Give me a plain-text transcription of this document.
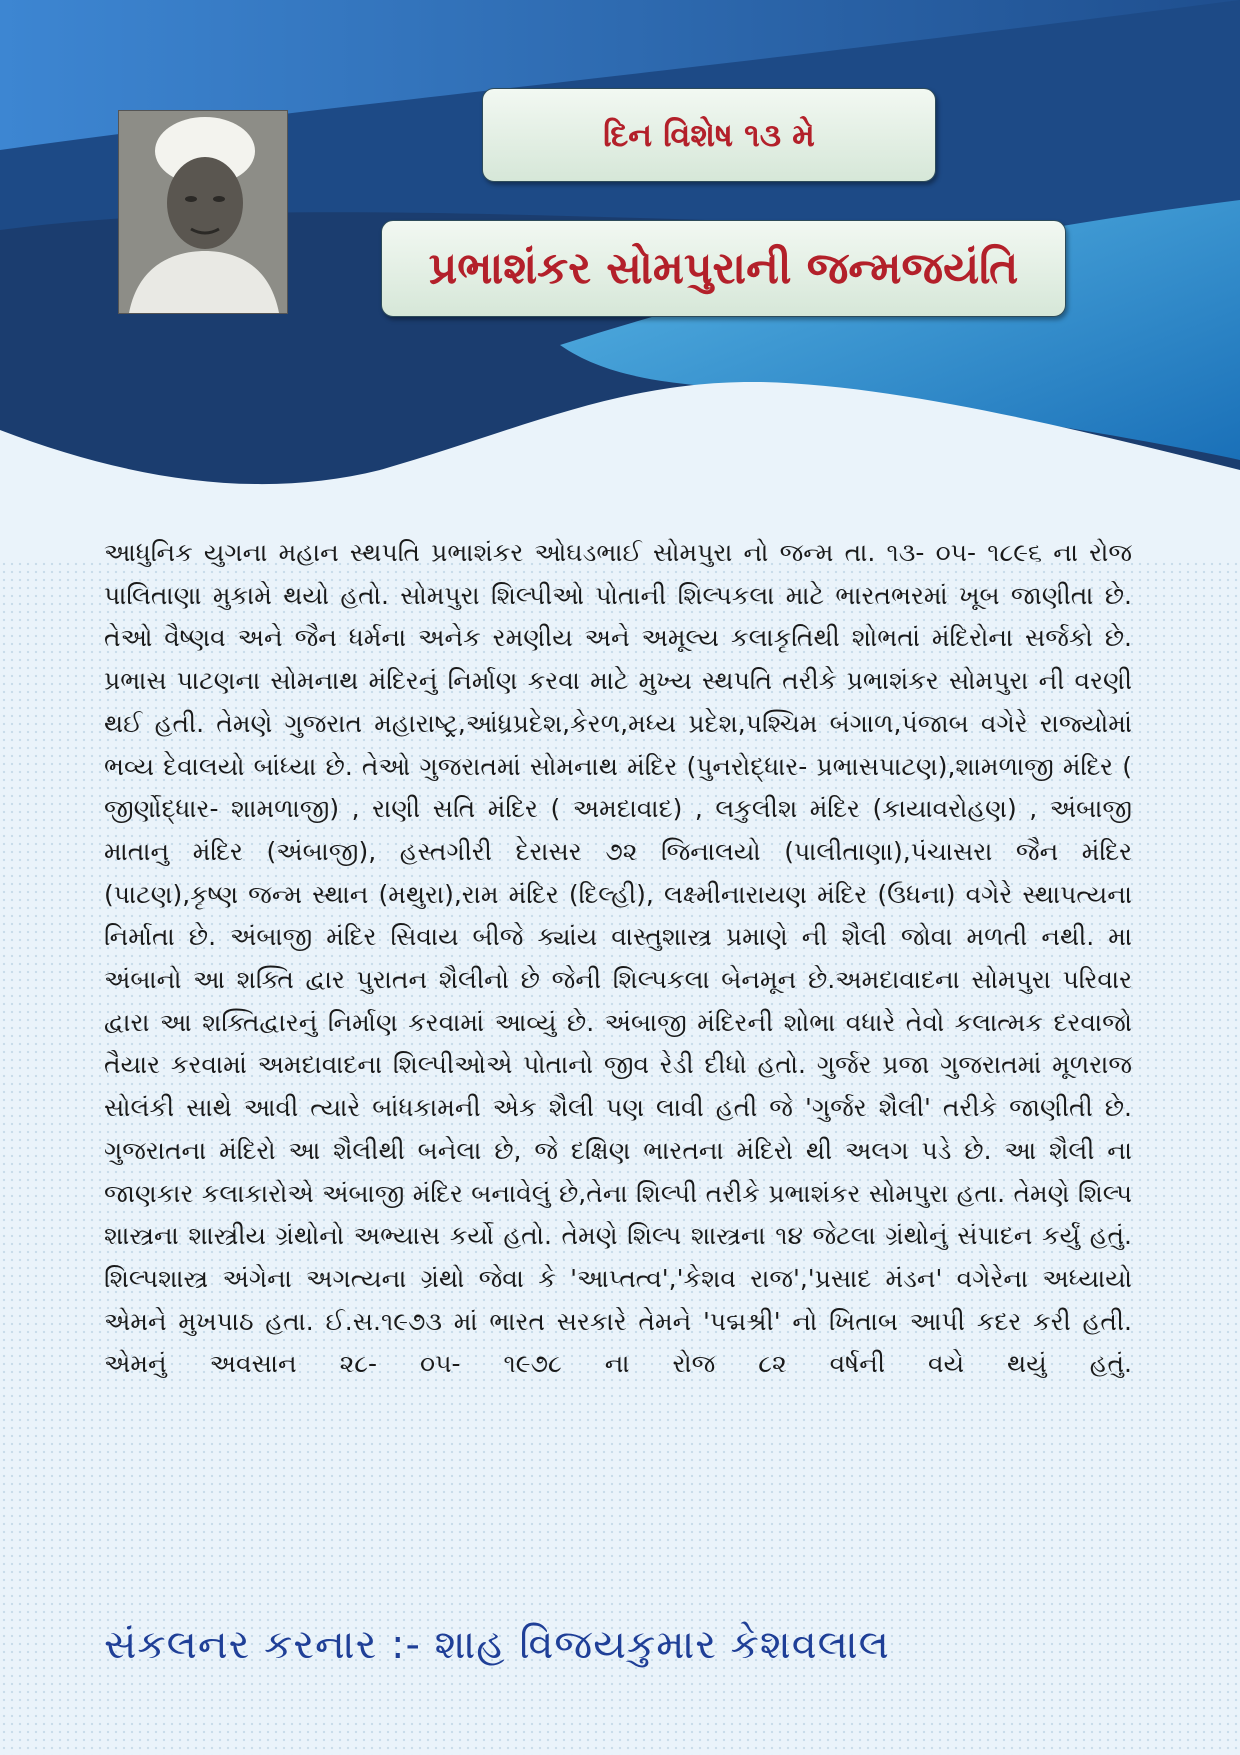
દિન વિશેષ ૧૩ મે
પ્રભાશંકર સોમપુરાની જન્મજયંતિ

આધુનિક યુગના મહાન સ્થપતિ પ્રભાશંકર ઓઘડભાઈ સોમપુરા નો જન્મ તા. ૧૩- ૦૫- ૧૮૯૬ ના રોજ પાલિતાણા મુકામે થયો હતો. સોમપુરા શિલ્પીઓ પોતાની શિલ્પકલા માટે ભારતભરમાં ખૂબ જાણીતા છે. તેઓ વૈષ્ણવ અને જૈન ધર્મના અનેક રમણીય અને અમૂલ્ય કલાકૃતિથી શોભતાં મંદિરોના સર્જકો છે. પ્રભાસ પાટણના સોમનાથ મંદિરનું નિર્માણ કરવા માટે મુખ્ય સ્થપતિ તરીકે પ્રભાશંકર સોમપુરા ની વરણી થઈ હતી. તેમણે ગુજરાત મહારાષ્ટ્ર,આંધ્રપ્રદેશ,કેરળ,મધ્ય પ્રદેશ,પશ્ચિમ બંગાળ,પંજાબ વગેરે રાજ્યોમાં ભવ્ય દેવાલયો બાંધ્યા છે. તેઓ ગુજરાતમાં સોમનાથ મંદિર (પુનરોદ્ધાર- પ્રભાસપાટણ),શામળાજી મંદિર ( જીર્ણોદ્ધાર- શામળાજી) , રાણી સતિ મંદિર ( અમદાવાદ) , લકુલીશ મંદિર (કાયાવરોહણ) , અંબાજી માતાનુ મંદિર (અંબાજી), હસ્તગીરી દેરાસર ૭૨ જિનાલયો (પાલીતાણા),પંચાસરા જૈન મંદિર (પાટણ),કૃષ્ણ જન્મ સ્થાન (મથુરા),રામ મંદિર (દિલ્હી), લક્ષ્મીનારાયણ મંદિર (ઉધના) વગેરે સ્થાપત્યના નિર્માતા છે. અંબાજી મંદિર સિવાય બીજે ક્યાંય વાસ્તુશાસ્ત્ર પ્રમાણે ની શૈલી જોવા મળતી નથી. મા અંબાનો આ શક્તિ દ્વાર પુરાતન શૈલીનો છે જેની શિલ્પકલા બેનમૂન છે.અમદાવાદના સોમપુરા પરિવાર દ્વારા આ શક્તિદ્વારનું નિર્માણ કરવામાં આવ્યું છે. અંબાજી મંદિરની શોભા વધારે તેવો કલાત્મક દરવાજો તૈયાર કરવામાં અમદાવાદના શિલ્પીઓએ પોતાનો જીવ રેડી દીધો હતો. ગુર્જર પ્રજા ગુજરાતમાં મૂળરાજ સોલંકી સાથે આવી ત્યારે બાંધકામની એક શૈલી પણ લાવી હતી જે 'ગુર્જર શૈલી' તરીકે જાણીતી છે. ગુજરાતના મંદિરો આ શૈલીથી બનેલા છે, જે દક્ષિણ ભારતના મંદિરો થી અલગ પડે છે. આ શૈલી ના જાણકાર કલાકારોએ અંબાજી મંદિર બનાવેલું છે,તેના શિલ્પી તરીકે પ્રભાશંકર સોમપુરા હતા. તેમણે શિલ્પ શાસ્ત્રના શાસ્ત્રીય ગ્રંથોનો અભ્યાસ કર્યો હતો. તેમણે શિલ્પ શાસ્ત્રના ૧૪ જેટલા ગ્રંથોનું સંપાદન કર્યું હતું. શિલ્પશાસ્ત્ર અંગેના અગત્યના ગ્રંથો જેવા કે 'આપ્તત્વ','કેશવ રાજ','પ્રસાદ મંડન' વગેરેના અધ્યાયો એમને મુખપાઠ હતા. ઈ.સ.૧૯૭૩ માં ભારત સરકારે તેમને 'પદ્મશ્રી' નો ખિતાબ આપી કદર કરી હતી. એમનું અવસાન ૨૮- ૦૫- ૧૯૭૮ ના રોજ ૮૨ વર્ષની વયે થયું હતું.

સંકલનર કરનાર :- શાહ વિજયકુમાર કેશવલાલ
